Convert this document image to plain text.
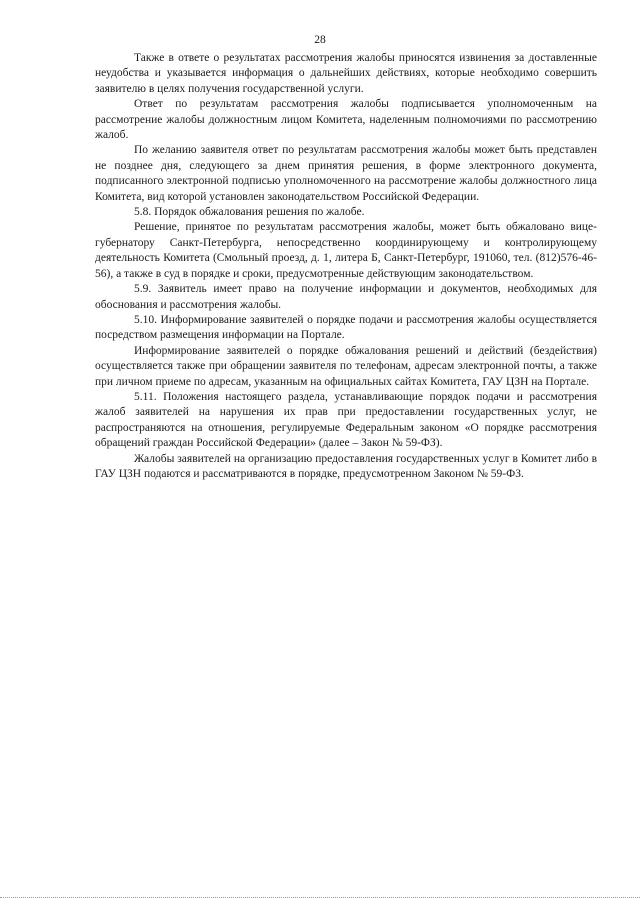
28

Также в ответе о результатах рассмотрения жалобы приносятся извинения за доставленные неудобства и указывается информация о дальнейших действиях, которые необходимо совершить заявителю в целях получения государственной услуги.

Ответ по результатам рассмотрения жалобы подписывается уполномоченным на рассмотрение жалобы должностным лицом Комитета, наделенным полномочиями по рассмотрению жалоб.

По желанию заявителя ответ по результатам рассмотрения жалобы может быть представлен не позднее дня, следующего за днем принятия решения, в форме электронного документа, подписанного электронной подписью уполномоченного на рассмотрение жалобы должностного лица Комитета, вид которой установлен законодательством Российской Федерации.

5.8. Порядок обжалования решения по жалобе.

Решение, принятое по результатам рассмотрения жалобы, может быть обжаловано вице-губернатору Санкт-Петербурга, непосредственно координирующему и контролирующему деятельность Комитета (Смольный проезд, д. 1, литера Б, Санкт-Петербург, 191060, тел. (812)576-46-56), а также в суд в порядке и сроки, предусмотренные действующим законодательством.

5.9. Заявитель имеет право на получение информации и документов, необходимых для обоснования и рассмотрения жалобы.

5.10. Информирование заявителей о порядке подачи и рассмотрения жалобы осуществляется посредством размещения информации на Портале.

Информирование заявителей о порядке обжалования решений и действий (бездействия) осуществляется также при обращении заявителя по телефонам, адресам электронной почты, а также при личном приеме по адресам, указанным на официальных сайтах Комитета, ГАУ ЦЗН на Портале.

5.11. Положения настоящего раздела, устанавливающие порядок подачи и рассмотрения жалоб заявителей на нарушения их прав при предоставлении государственных услуг, не распространяются на отношения, регулируемые Федеральным законом «О порядке рассмотрения обращений граждан Российской Федерации» (далее – Закон № 59-ФЗ).

Жалобы заявителей на организацию предоставления государственных услуг в Комитет либо в ГАУ ЦЗН подаются и рассматриваются в порядке, предусмотренном Законом № 59-ФЗ.
